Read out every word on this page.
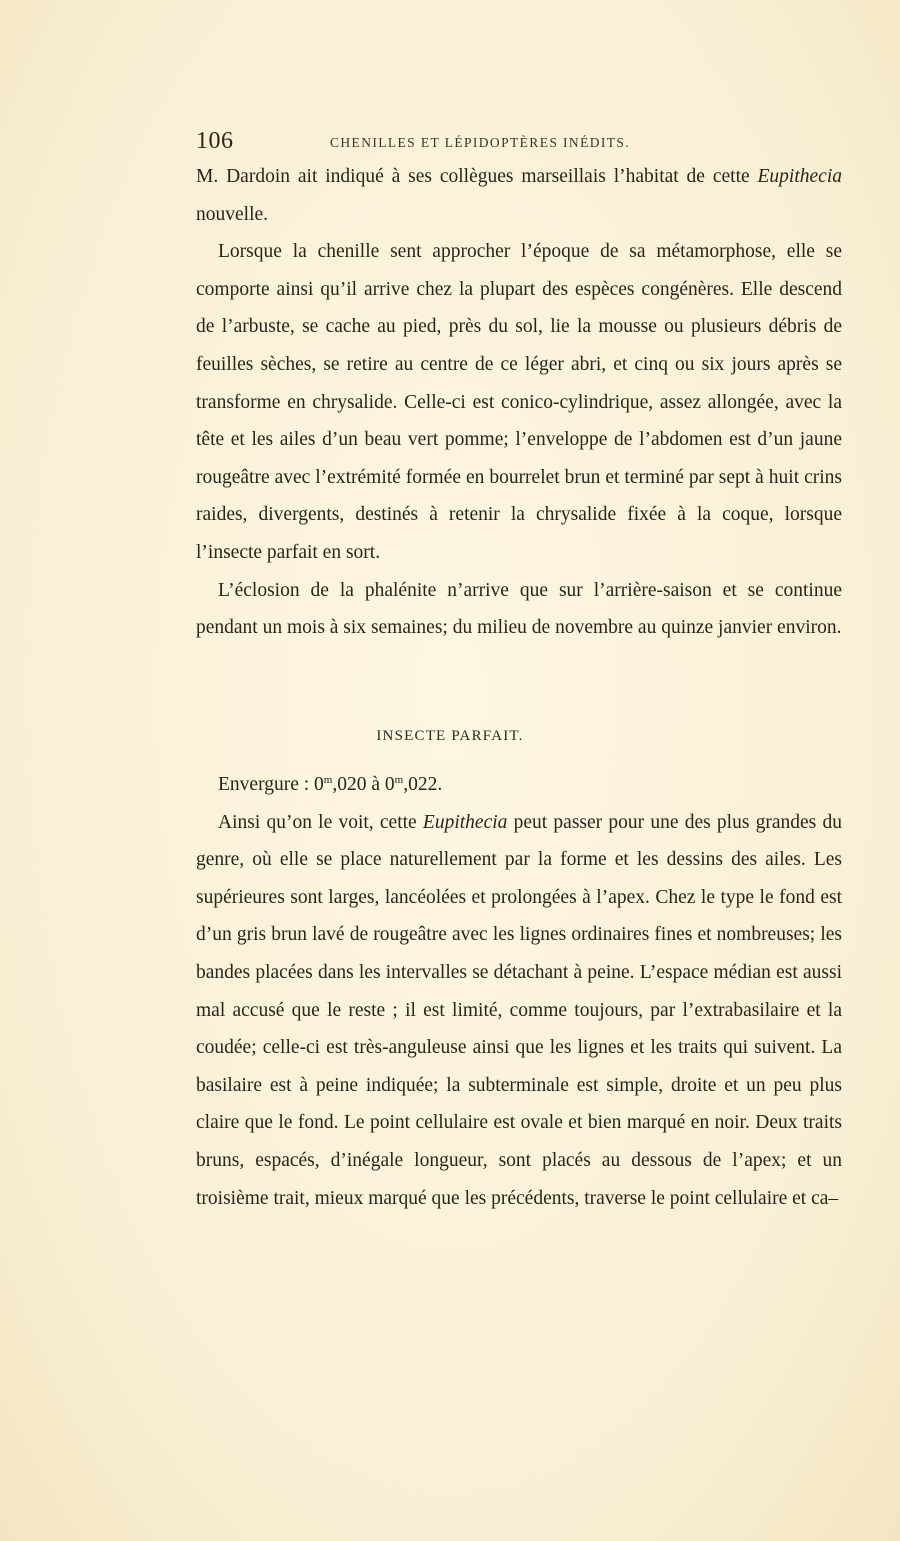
106	CHENILLES ET LÉPIDOPTÈRES INÉDITS.

M. Dardoin ait indiqué à ses collègues marseillais l’habitat de cette Eupithecia nouvelle.

Lorsque la chenille sent approcher l’époque de sa métamorphose, elle se comporte ainsi qu’il arrive chez la plupart des espèces congénères. Elle descend de l’arbuste, se cache au pied, près du sol, lie la mousse ou plusieurs débris de feuilles sèches, se retire au centre de ce léger abri, et cinq ou six jours après se transforme en chrysalide. Celle-ci est conico-cylindrique, assez allongée, avec la tête et les ailes d’un beau vert pomme; l’enveloppe de l’abdomen est d’un jaune rougeâtre avec l’extrémité formée en bourrelet brun et terminé par sept à huit crins raides, divergents, destinés à retenir la chrysalide fixée à la coque, lorsque l’insecte parfait en sort.

L’éclosion de la phalénite n’arrive que sur l’arrière-saison et se continue pendant un mois à six semaines; du milieu de novembre au quinze janvier environ.

INSECTE PARFAIT.

Envergure : 0$^m$,020 à 0$^m$,022.

Ainsi qu’on le voit, cette Eupithecia peut passer pour une des plus grandes du genre, où elle se place naturellement par la forme et les dessins des ailes. Les supérieures sont larges, lancéolées et prolongées à l’apex. Chez le type le fond est d’un gris brun lavé de rougeâtre avec les lignes ordinaires fines et nombreuses; les bandes placées dans les intervalles se détachant à peine. L’espace médian est aussi mal accusé que le reste ; il est limité, comme toujours, par l’extrabasilaire et la coudée; celle-ci est très-anguleuse ainsi que les lignes et les traits qui suivent. La basilaire est à peine indiquée; la subterminale est simple, droite et un peu plus claire que le fond. Le point cellulaire est ovale et bien marqué en noir. Deux traits bruns, espacés, d’inégale longueur, sont placés au dessous de l’apex; et un troisième trait, mieux marqué que les précédents, traverse le point cellulaire et ca–
